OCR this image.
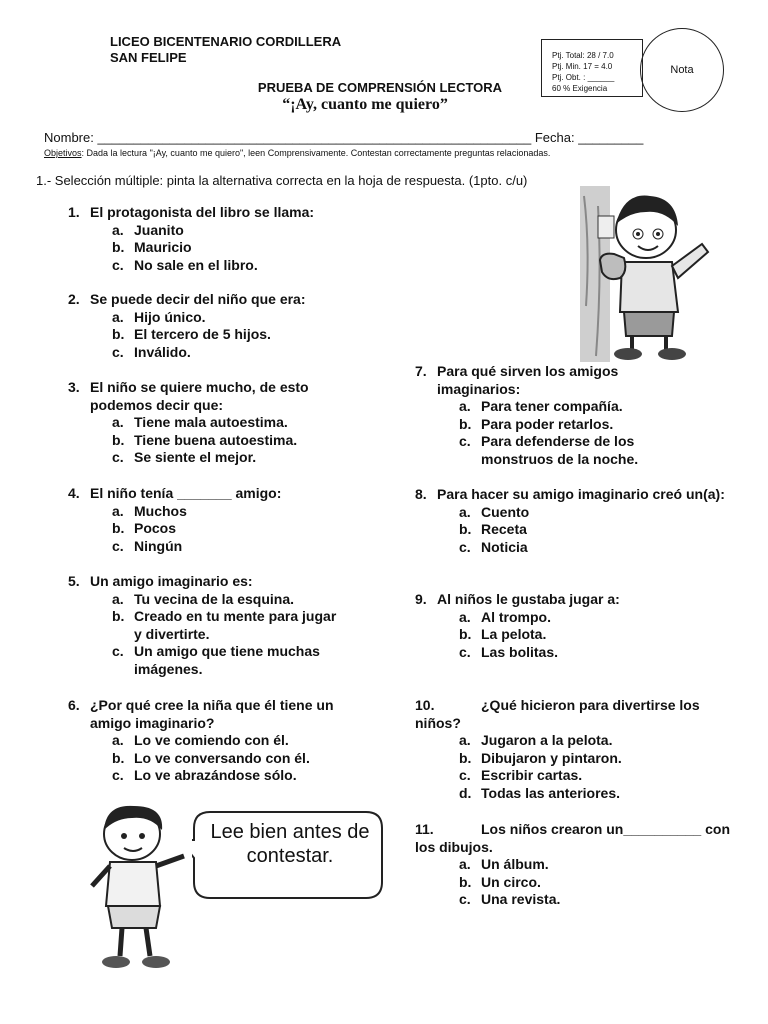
LICEO BICENTENARIO CORDILLERA
SAN FELIPE	Ptj. Total: 28 / 7.0
Ptj. Min. 17 = 4.0
Ptj. Obt. : ______
60 % Exigencia
Nota
PRUEBA DE COMPRENSIÓN LECTORA
“¡Ay, cuanto me quiero”
Nombre: ____________________________________________________________ Fecha: _________
Objetivos: Dada la lectura "¡Ay, cuanto me quiero", leen Comprensivamente. Contestan correctamente preguntas relacionadas.
1.- Selección múltiple: pinta la alternativa correcta en la hoja de respuesta. (1pto. c/u)
1. El protagonista del libro se llama:
a. Juanito
b. Mauricio
c. No sale en el libro.
2. Se puede decir del niño que era:
a. Hijo único.
b. El tercero de 5 hijos.
c. Inválido.
3. El niño se quiere mucho, de esto podemos decir que:
a. Tiene mala autoestima.
b. Tiene buena autoestima.
c. Se siente el mejor.
4. El niño tenía _______ amigo:
a. Muchos
b. Pocos
c. Ningún
5. Un amigo imaginario es:
a. Tu vecina de la esquina.
b. Creado en tu mente para jugar y divertirte.
c. Un amigo que tiene muchas imágenes.
6. ¿Por qué cree la niña que él tiene un amigo imaginario?
a. Lo ve comiendo con él.
b. Lo ve conversando con él.
c. Lo ve abrazándose sólo.
7. Para qué sirven los amigos imaginarios:
a. Para tener compañía.
b. Para poder retarlos.
c. Para defenderse de los monstruos de la noche.
8. Para hacer su amigo imaginario creó un(a):
a. Cuento
b. Receta
c. Noticia
9. Al niños le gustaba jugar a:
a. Al trompo.
b. La pelota.
c. Las bolitas.
10.	¿Qué hicieron para divertirse los niños?
a. Jugaron a la pelota.
b. Dibujaron y pintaron.
c. Escribir cartas.
d. Todas las anteriores.
11.	Los niños crearon un__________ con los dibujos.
a. Un álbum.
b. Un circo.
c. Una revista.
Lee bien antes de contestar.
